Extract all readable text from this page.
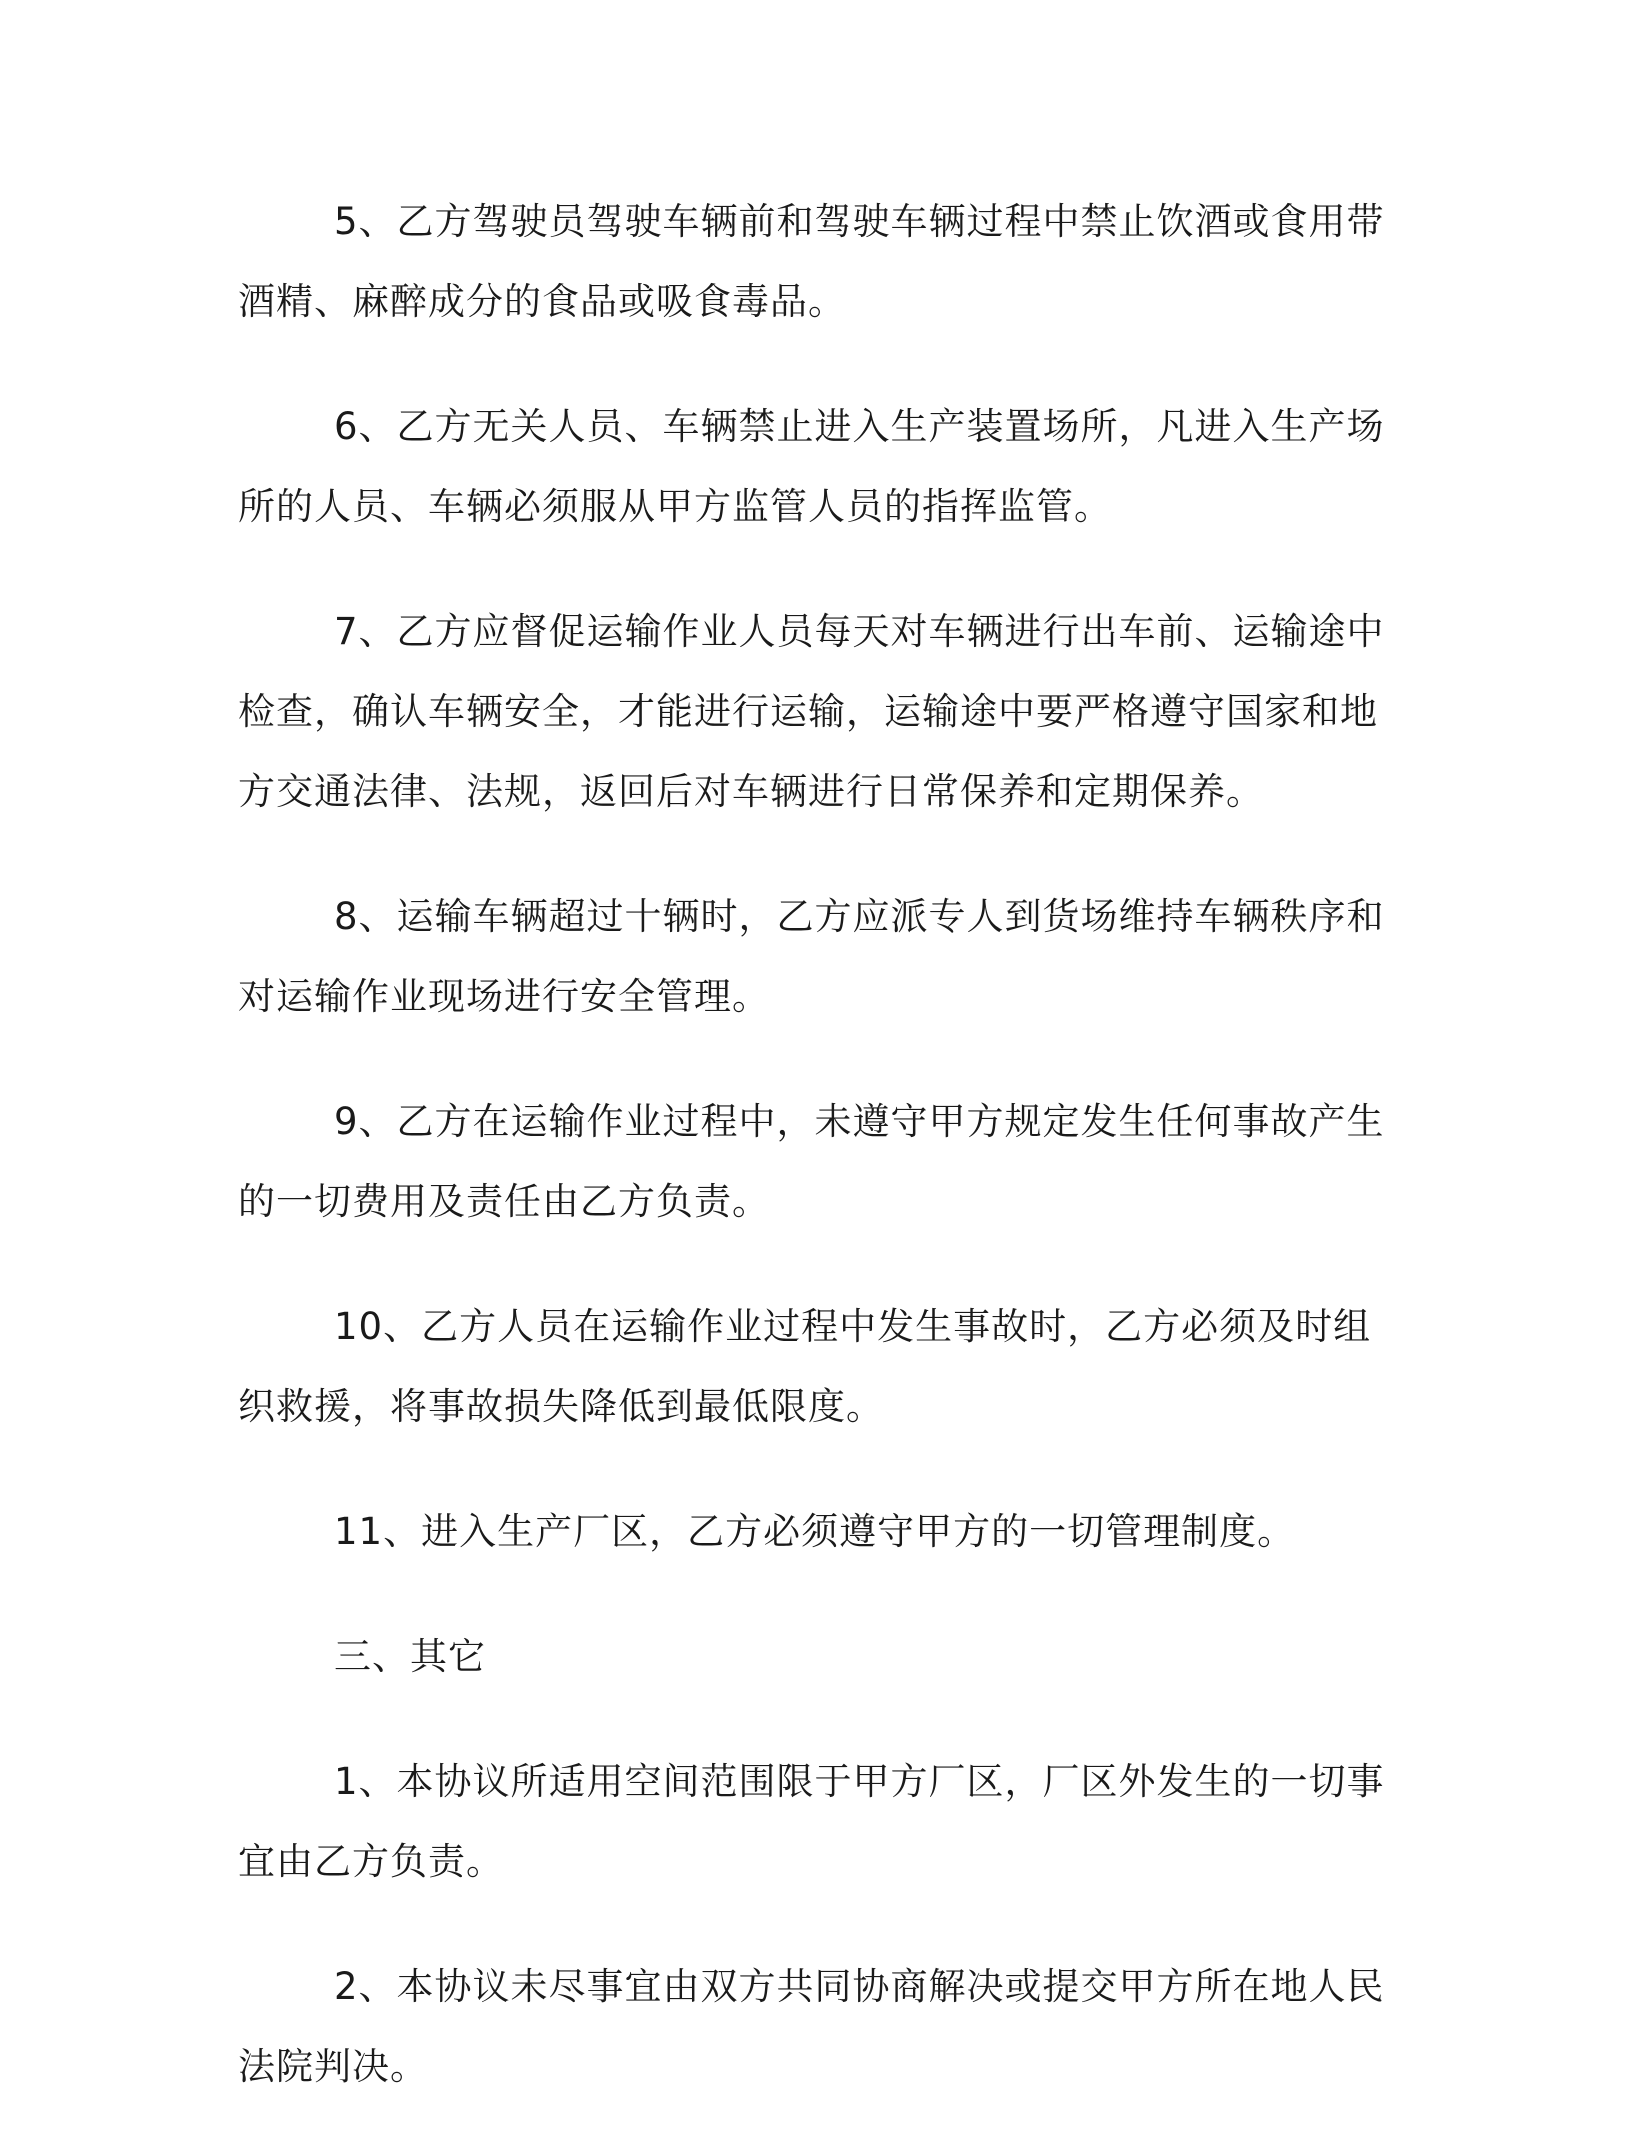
5、乙方驾驶员驾驶车辆前和驾驶车辆过程中禁止饮酒或食用带酒精、麻醉成分的食品或吸食毒品。

6、乙方无关人员、车辆禁止进入生产装置场所，凡进入生产场所的人员、车辆必须服从甲方监管人员的指挥监管。

7、乙方应督促运输作业人员每天对车辆进行出车前、运输途中检查，确认车辆安全，才能进行运输，运输途中要严格遵守国家和地方交通法律、法规，返回后对车辆进行日常保养和定期保养。

8、运输车辆超过十辆时，乙方应派专人到货场维持车辆秩序和对运输作业现场进行安全管理。

9、乙方在运输作业过程中，未遵守甲方规定发生任何事故产生的一切费用及责任由乙方负责。

10、乙方人员在运输作业过程中发生事故时，乙方必须及时组织救援，将事故损失降低到最低限度。

11、进入生产厂区，乙方必须遵守甲方的一切管理制度。

三、其它

1、本协议所适用空间范围限于甲方厂区，厂区外发生的一切事宜由乙方负责。

2、本协议未尽事宜由双方共同协商解决或提交甲方所在地人民法院判决。
